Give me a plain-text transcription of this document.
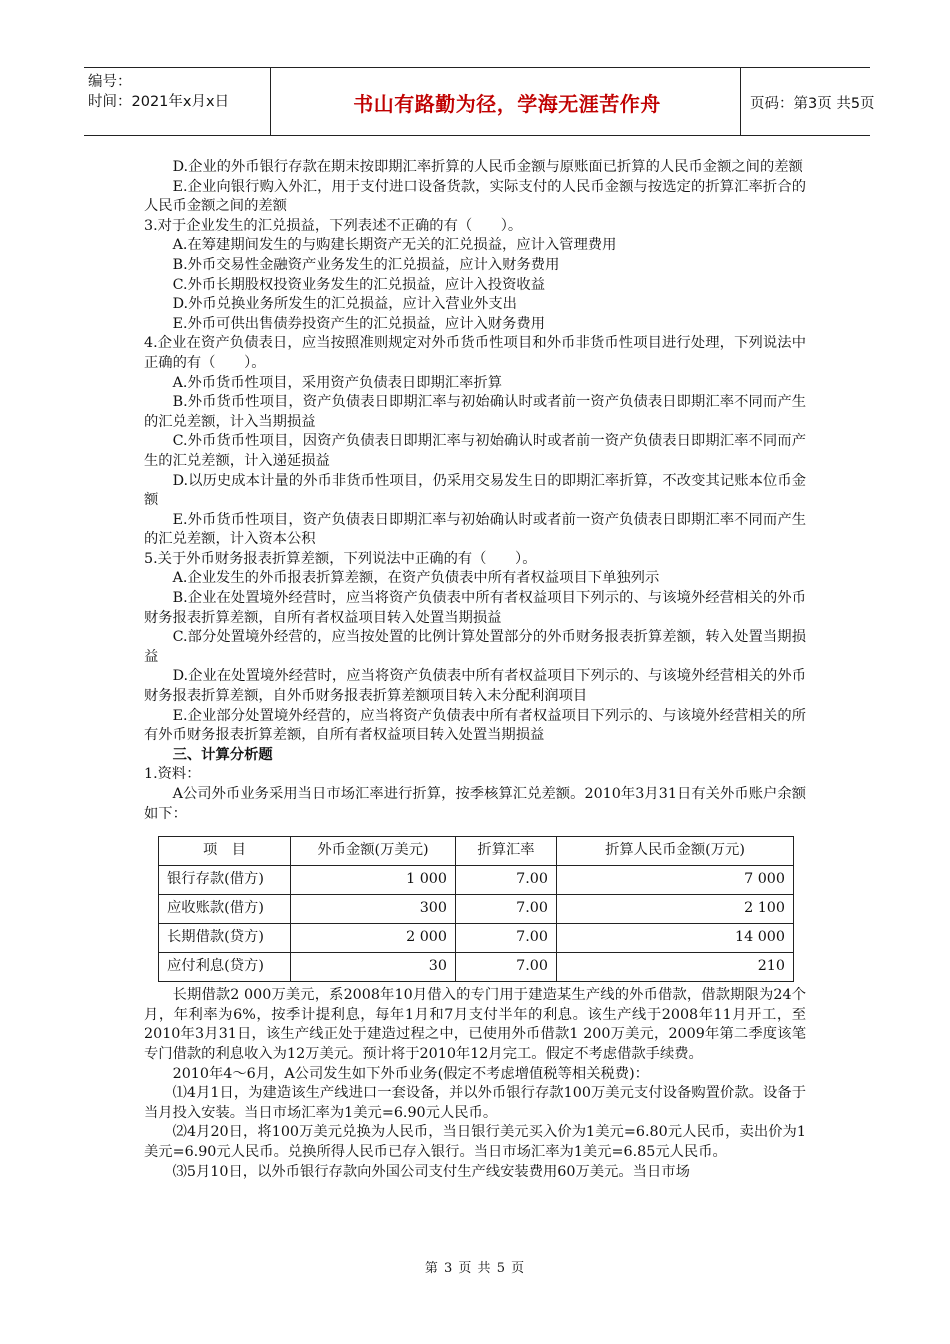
编号：
时间：2021年x月x日	书山有路勤为径，学海无涯苦作舟	页码：第3页 共5页

D.企业的外币银行存款在期末按即期汇率折算的人民币金额与原账面已折算的人民币金额之间的差额

E.企业向银行购入外汇，用于支付进口设备货款，实际支付的人民币金额与按选定的折算汇率折合的人民币金额之间的差额

3.对于企业发生的汇兑损益，下列表述不正确的有（　　）。

A.在筹建期间发生的与购建长期资产无关的汇兑损益，应计入管理费用

B.外币交易性金融资产业务发生的汇兑损益，应计入财务费用

C.外币长期股权投资业务发生的汇兑损益，应计入投资收益

D.外币兑换业务所发生的汇兑损益，应计入营业外支出

E.外币可供出售债券投资产生的汇兑损益，应计入财务费用

4.企业在资产负债表日，应当按照准则规定对外币货币性项目和外币非货币性项目进行处理，下列说法中正确的有（　　）。

A.外币货币性项目，采用资产负债表日即期汇率折算

B.外币货币性项目，资产负债表日即期汇率与初始确认时或者前一资产负债表日即期汇率不同而产生的汇兑差额，计入当期损益

C.外币货币性项目，因资产负债表日即期汇率与初始确认时或者前一资产负债表日即期汇率不同而产生的汇兑差额，计入递延损益

D.以历史成本计量的外币非货币性项目，仍采用交易发生日的即期汇率折算，不改变其记账本位币金额

E.外币货币性项目，资产负债表日即期汇率与初始确认时或者前一资产负债表日即期汇率不同而产生的汇兑差额，计入资本公积

5.关于外币财务报表折算差额，下列说法中正确的有（　　）。

A.企业发生的外币报表折算差额，在资产负债表中所有者权益项目下单独列示

B.企业在处置境外经营时，应当将资产负债表中所有者权益项目下列示的、与该境外经营相关的外币财务报表折算差额，自所有者权益项目转入处置当期损益

C.部分处置境外经营的，应当按处置的比例计算处置部分的外币财务报表折算差额，转入处置当期损益

D.企业在处置境外经营时，应当将资产负债表中所有者权益项目下列示的、与该境外经营相关的外币财务报表折算差额，自外币财务报表折算差额项目转入未分配利润项目

E.企业部分处置境外经营的，应当将资产负债表中所有者权益项目下列示的、与该境外经营相关的所有外币财务报表折算差额，自所有者权益项目转入处置当期损益

三、计算分析题

1.资料：

A公司外币业务采用当日市场汇率进行折算，按季核算汇兑差额。2010年3月31日有关外币账户余额如下：

项　目	外币金额(万美元)	折算汇率	折算人民币金额(万元)
银行存款(借方)	1 000	7.00	7 000
应收账款(借方)	300	7.00	2 100
长期借款(贷方)	2 000	7.00	14 000
应付利息(贷方)	30	7.00	210

长期借款2 000万美元，系2008年10月借入的专门用于建造某生产线的外币借款，借款期限为24个月，年利率为6%，按季计提利息，每年1月和7月支付半年的利息。该生产线于2008年11月开工，至2010年3月31日，该生产线正处于建造过程之中，已使用外币借款1 200万美元，2009年第二季度该笔专门借款的利息收入为12万美元。预计将于2010年12月完工。假定不考虑借款手续费。

2010年4～6月，A公司发生如下外币业务(假定不考虑增值税等相关税费)：

⑴4月1日，为建造该生产线进口一套设备，并以外币银行存款100万美元支付设备购置价款。设备于当月投入安装。当日市场汇率为1美元=6.90元人民币。

⑵4月20日，将100万美元兑换为人民币，当日银行美元买入价为1美元=6.80元人民币，卖出价为1美元=6.90元人民币。兑换所得人民币已存入银行。当日市场汇率为1美元=6.85元人民币。

⑶5月10日，以外币银行存款向外国公司支付生产线安装费用60万美元。当日市场

第 3 页 共 5 页
